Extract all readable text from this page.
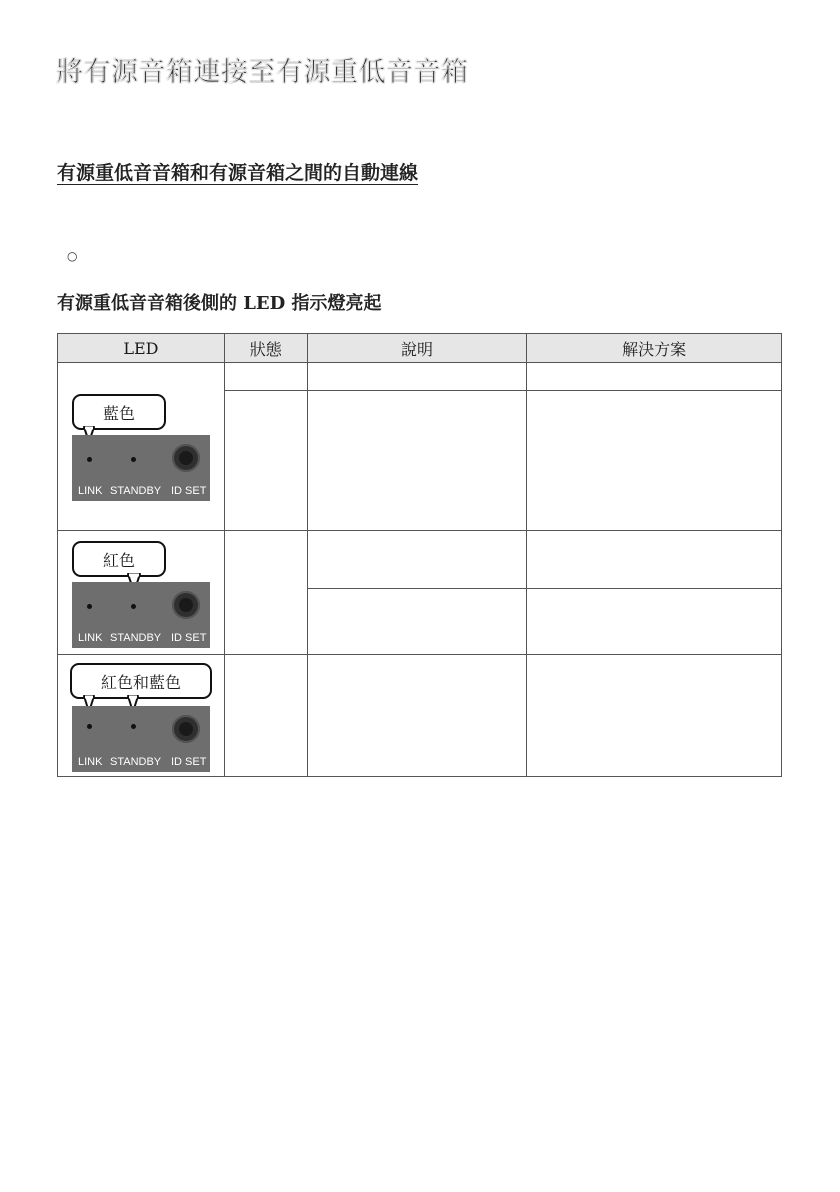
將有源音箱連接至有源重低音音箱
有源重低音音箱和有源音箱之間的自動連線
○
有源重低音音箱後側的 LED 指示燈亮起
LED	狀態	說明	解決方案

藍色
LINK STANDBY ID SET			

紅色
LINK STANDBY ID SET			

紅色和藍色
LINK STANDBY ID SET			
